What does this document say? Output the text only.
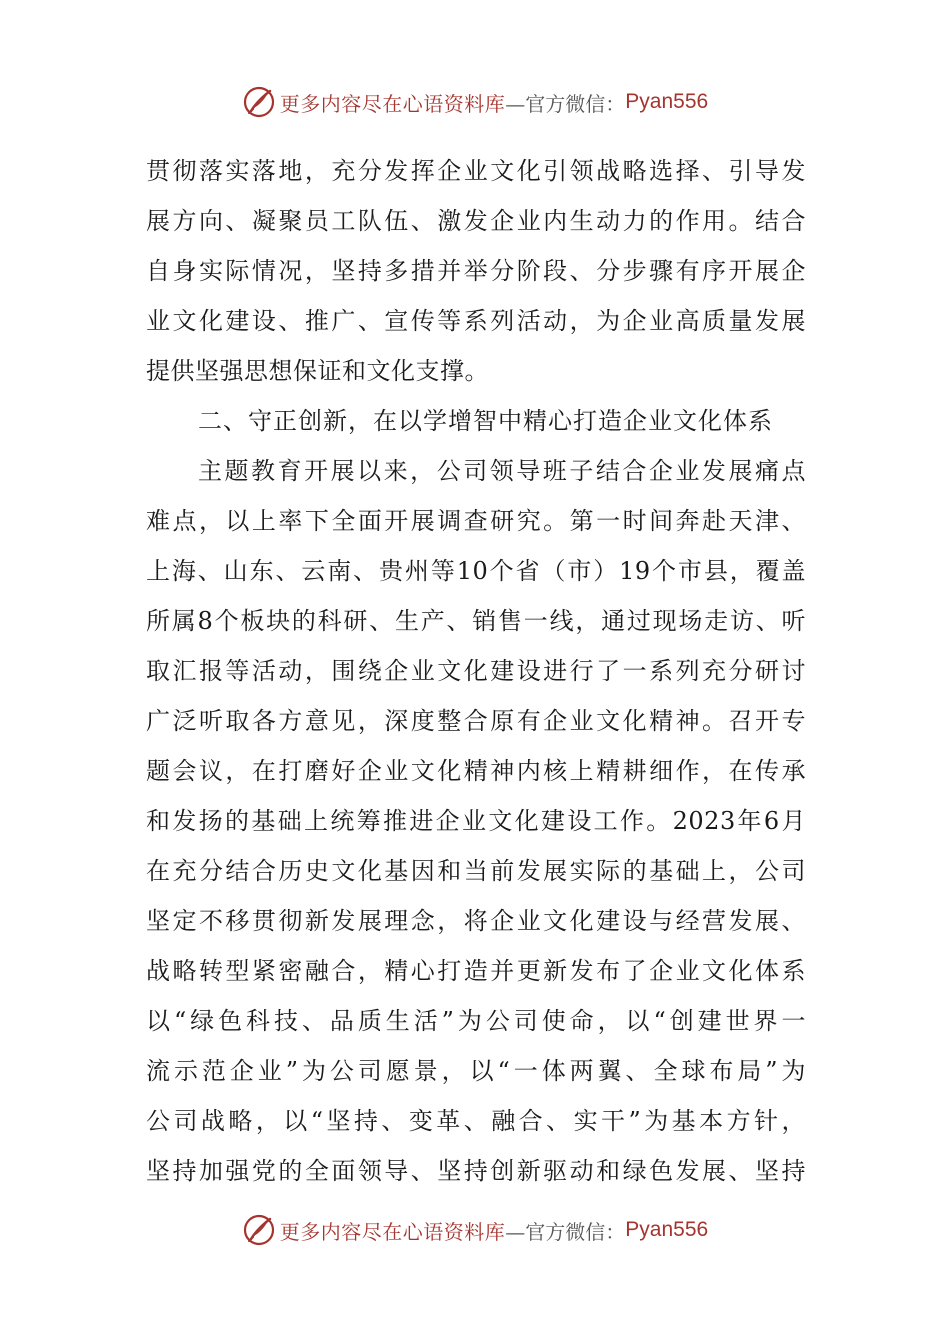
更多内容尽在心语资料库 —官方微信： Pyan556
贯彻落实落地，充分发挥企业文化引领战略选择、引导发
展方向、凝聚员工队伍、激发企业内生动力的作用。结合
自身实际情况，坚持多措并举分阶段、分步骤有序开展企
业文化建设、推广、宣传等系列活动，为企业高质量发展
提供坚强思想保证和文化支撑。
二、守正创新，在以学增智中精心打造企业文化体系
主题教育开展以来，公司领导班子结合企业发展痛点
难点，以上率下全面开展调查研究。第一时间奔赴天津、
上海、山东、云南、贵州等10个省（市）19个市县，覆盖
所属8个板块的科研、生产、销售一线，通过现场走访、听
取汇报等活动，围绕企业文化建设进行了一系列充分研讨
广泛听取各方意见，深度整合原有企业文化精神。召开专
题会议，在打磨好企业文化精神内核上精耕细作，在传承
和发扬的基础上统筹推进企业文化建设工作。2023年6月
在充分结合历史文化基因和当前发展实际的基础上，公司
坚定不移贯彻新发展理念，将企业文化建设与经营发展、
战略转型紧密融合，精心打造并更新发布了企业文化体系
以“绿色科技、品质生活”为公司使命，以“创建世界一
流示范企业”为公司愿景，以“一体两翼、全球布局”为
公司战略，以“坚持、变革、融合、实干”为基本方针，
坚持加强党的全面领导、坚持创新驱动和绿色发展、坚持
更多内容尽在心语资料库 —官方微信： Pyan556
